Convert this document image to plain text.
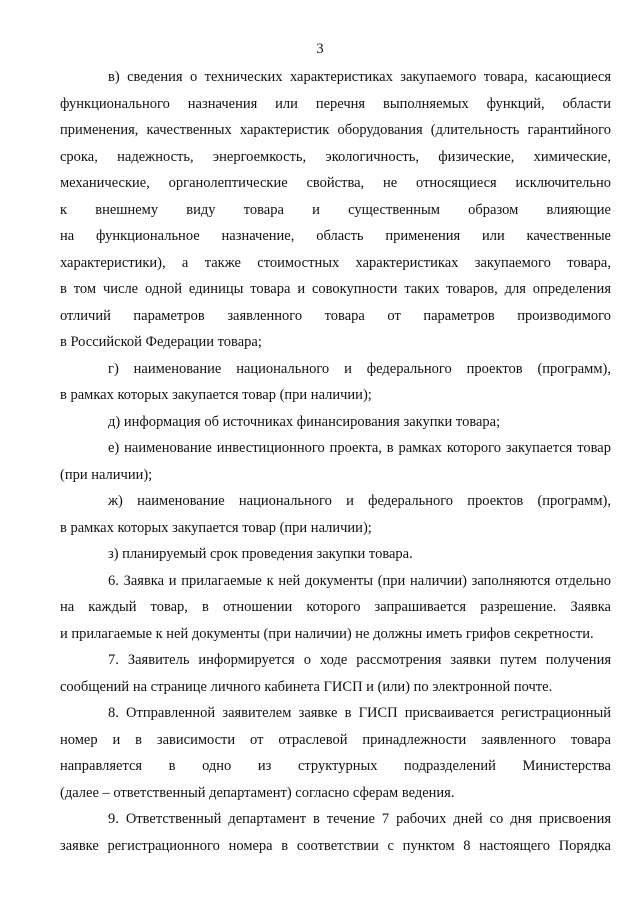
3
в) сведения о технических характеристиках закупаемого товара, касающиеся
функционального назначения или перечня выполняемых функций, области
применения, качественных характеристик оборудования (длительность гарантийного
срока, надежность, энергоемкость, экологичность, физические, химические,
механические, органолептические свойства, не относящиеся исключительно
к внешнему виду товара и существенным образом влияющие
на функциональное назначение, область применения или качественные
характеристики), а также стоимостных характеристиках закупаемого товара,
в том числе одной единицы товара и совокупности таких товаров, для определения
отличий параметров заявленного товара от параметров производимого
в Российской Федерации товара;
г) наименование национального и федерального проектов (программ),
в рамках которых закупается товар (при наличии);
д) информация об источниках финансирования закупки товара;
е) наименование инвестиционного проекта, в рамках которого закупается товар
(при наличии);
ж) наименование национального и федерального проектов (программ),
в рамках которых закупается товар (при наличии);
з) планируемый срок проведения закупки товара.
6. Заявка и прилагаемые к ней документы (при наличии) заполняются отдельно
на каждый товар, в отношении которого запрашивается разрешение. Заявка
и прилагаемые к ней документы (при наличии) не должны иметь грифов секретности.
7. Заявитель информируется о ходе рассмотрения заявки путем получения
сообщений на странице личного кабинета ГИСП и (или) по электронной почте.
8. Отправленной заявителем заявке в ГИСП присваивается регистрационный
номер и в зависимости от отраслевой принадлежности заявленного товара
направляется в одно из структурных подразделений Министерства
(далее – ответственный департамент) согласно сферам ведения.
9. Ответственный департамент в течение 7 рабочих дней со дня присвоения
заявке регистрационного номера в соответствии с пунктом 8 настоящего Порядка
